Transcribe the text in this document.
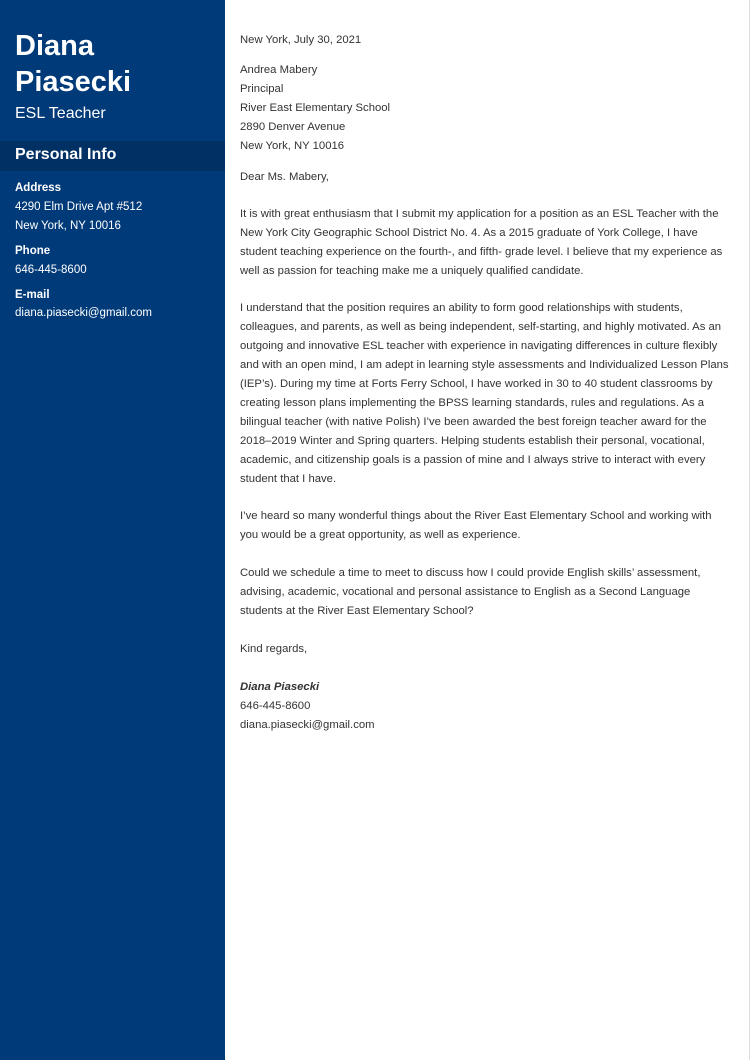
Diana
Piasecki
ESL Teacher
Personal Info
Address
4290 Elm Drive Apt #512
New York, NY 10016
Phone
646-445-8600
E-mail
diana.piasecki@gmail.com
New York, July 30, 2021
Andrea Mabery
Principal
River East Elementary School
2890 Denver Avenue
New York, NY 10016
Dear Ms. Mabery,
It is with great enthusiasm that I submit my application for a position as an ESL Teacher with the New York City Geographic School District No. 4. As a 2015 graduate of York College, I have student teaching experience on the fourth-, and fifth- grade level. I believe that my experience as well as passion for teaching make me a uniquely qualified candidate.
I understand that the position requires an ability to form good relationships with students, colleagues, and parents, as well as being independent, self-starting, and highly motivated. As an outgoing and innovative ESL teacher with experience in navigating differences in culture flexibly and with an open mind, I am adept in learning style assessments and Individualized Lesson Plans (IEP’s). During my time at Forts Ferry School, I have worked in 30 to 40 student classrooms by creating lesson plans implementing the BPSS learning standards, rules and regulations. As a bilingual teacher (with native Polish) I’ve been awarded the best foreign teacher award for the 2018–2019 Winter and Spring quarters. Helping students establish their personal, vocational, academic, and citizenship goals is a passion of mine and I always strive to interact with every student that I have.
I’ve heard so many wonderful things about the River East Elementary School and working with you would be a great opportunity, as well as experience.
Could we schedule a time to meet to discuss how I could provide English skills’ assessment, advising, academic, vocational and personal assistance to English as a Second Language students at the River East Elementary School?
Kind regards,
Diana Piasecki
646-445-8600
diana.piasecki@gmail.com
